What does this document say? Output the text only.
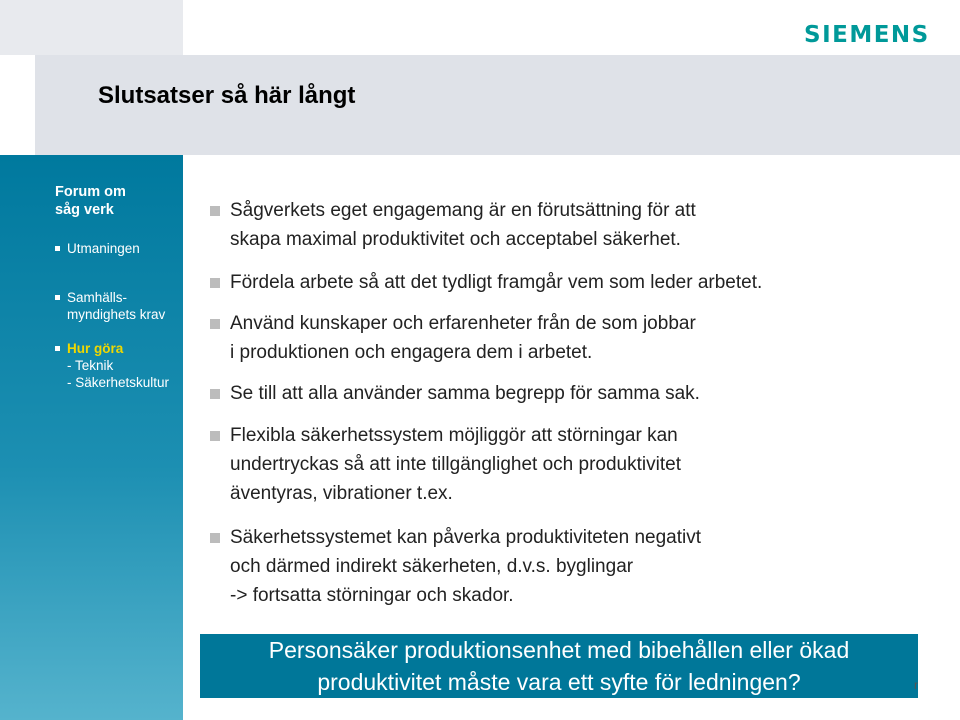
SIEMENS
Slutsatser så här långt
Forum om
såg verk
Utmaningen
Samhälls-
myndighets krav
Hur göra
- Teknik
- Säkerhetskultur
Sågverkets eget engagemang är en förutsättning för att
skapa maximal produktivitet och acceptabel säkerhet.
Fördela arbete så att det tydligt framgår vem som leder arbetet.
Använd kunskaper och erfarenheter från de som jobbar
i produktionen och engagera dem i arbetet.
Se till att alla använder samma begrepp för samma sak.
Flexibla säkerhetssystem möjliggör att störningar kan
undertryckas så att inte tillgänglighet och produktivitet
äventyras, vibrationer t.ex.
Säkerhetssystemet kan påverka produktiviteten negativt
och därmed indirekt säkerheten, d.v.s. byglingar
-> fortsatta störningar och skador.
Personsäker produktionsenhet med bibehållen eller ökad
produktivitet måste vara ett syfte för ledningen?	r
